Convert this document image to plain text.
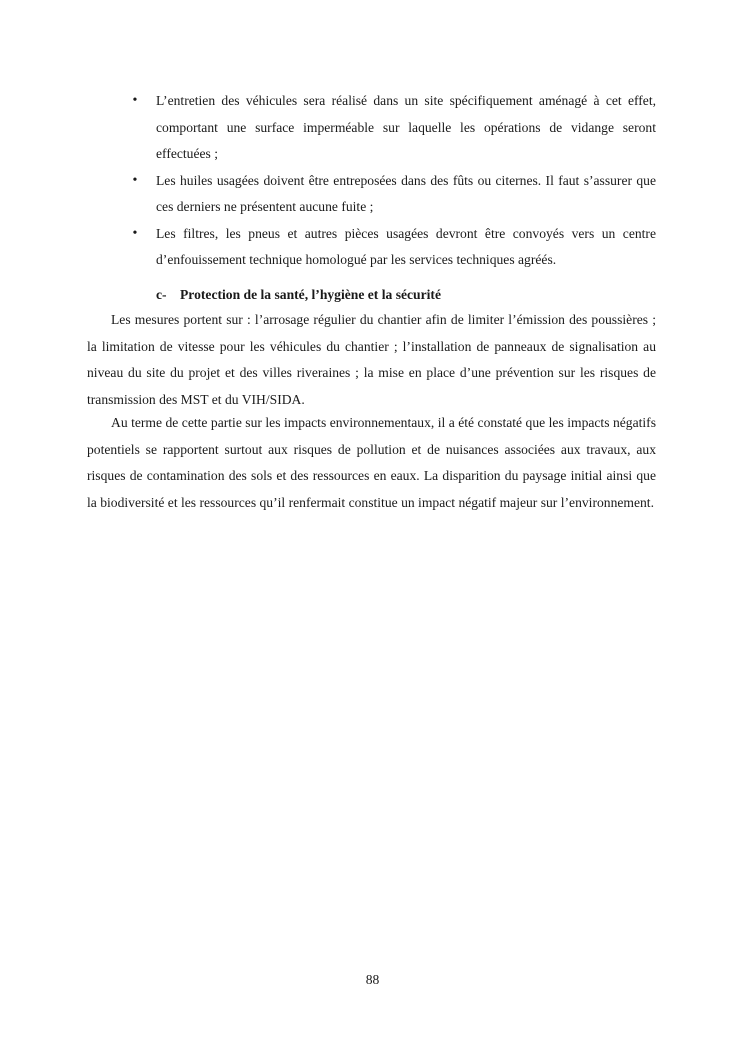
• L’entretien des véhicules sera réalisé dans un site spécifiquement aménagé à cet effet, comportant une surface imperméable sur laquelle les opérations de vidange seront effectuées ;
• Les huiles usagées doivent être entreposées dans des fûts ou citernes. Il faut s’assurer que ces derniers ne présentent aucune fuite ;
• Les filtres, les pneus et autres pièces usagées devront être convoyés vers un centre d’enfouissement technique homologué par les services techniques agréés.
c- Protection de la santé, l’hygiène et la sécurité

Les mesures portent sur : l’arrosage régulier du chantier afin de limiter l’émission des poussières ; la limitation de vitesse pour les véhicules du chantier ; l’installation de panneaux de signalisation au niveau du site du projet et des villes riveraines ; la mise en place d’une prévention sur les risques de transmission des MST et du VIH/SIDA.

Au terme de cette partie sur les impacts environnementaux, il a été constaté que les impacts négatifs potentiels se rapportent surtout aux risques de pollution et de nuisances associées aux travaux, aux risques de contamination des sols et des ressources en eaux. La disparition du paysage initial ainsi que la biodiversité et les ressources qu’il renfermait constitue un impact négatif majeur sur l’environnement.

88
